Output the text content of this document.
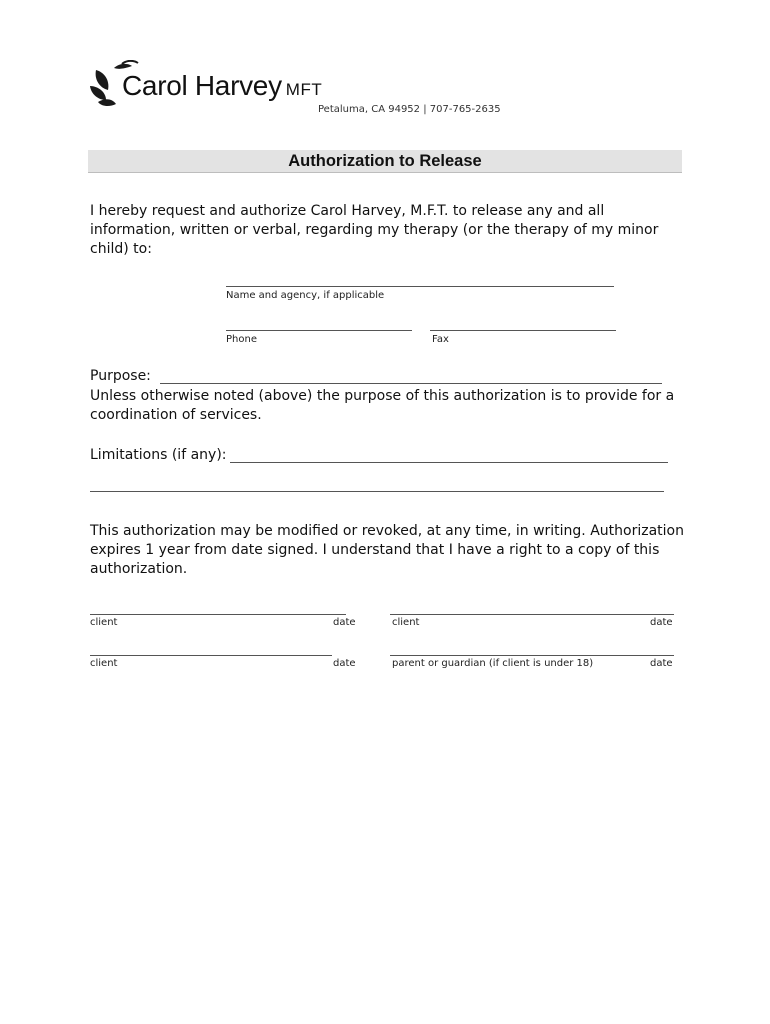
Carol Harvey MFT
Petaluma, CA 94952 | 707-765-2635
Authorization to Release
I hereby request and authorize Carol Harvey, M.F.T. to release any and all information, written or verbal, regarding my therapy (or the therapy of my minor child) to:
Name and agency, if applicable
Phone	Fax
Purpose:
Unless otherwise noted (above) the purpose of this authorization is to provide for a coordination of services.
Limitations (if any):
This authorization may be modified or revoked, at any time, in writing. Authorization expires 1 year from date signed. I understand that I have a right to a copy of this authorization.
client	date	client	date
client	date	parent or guardian (if client is under 18)	date
